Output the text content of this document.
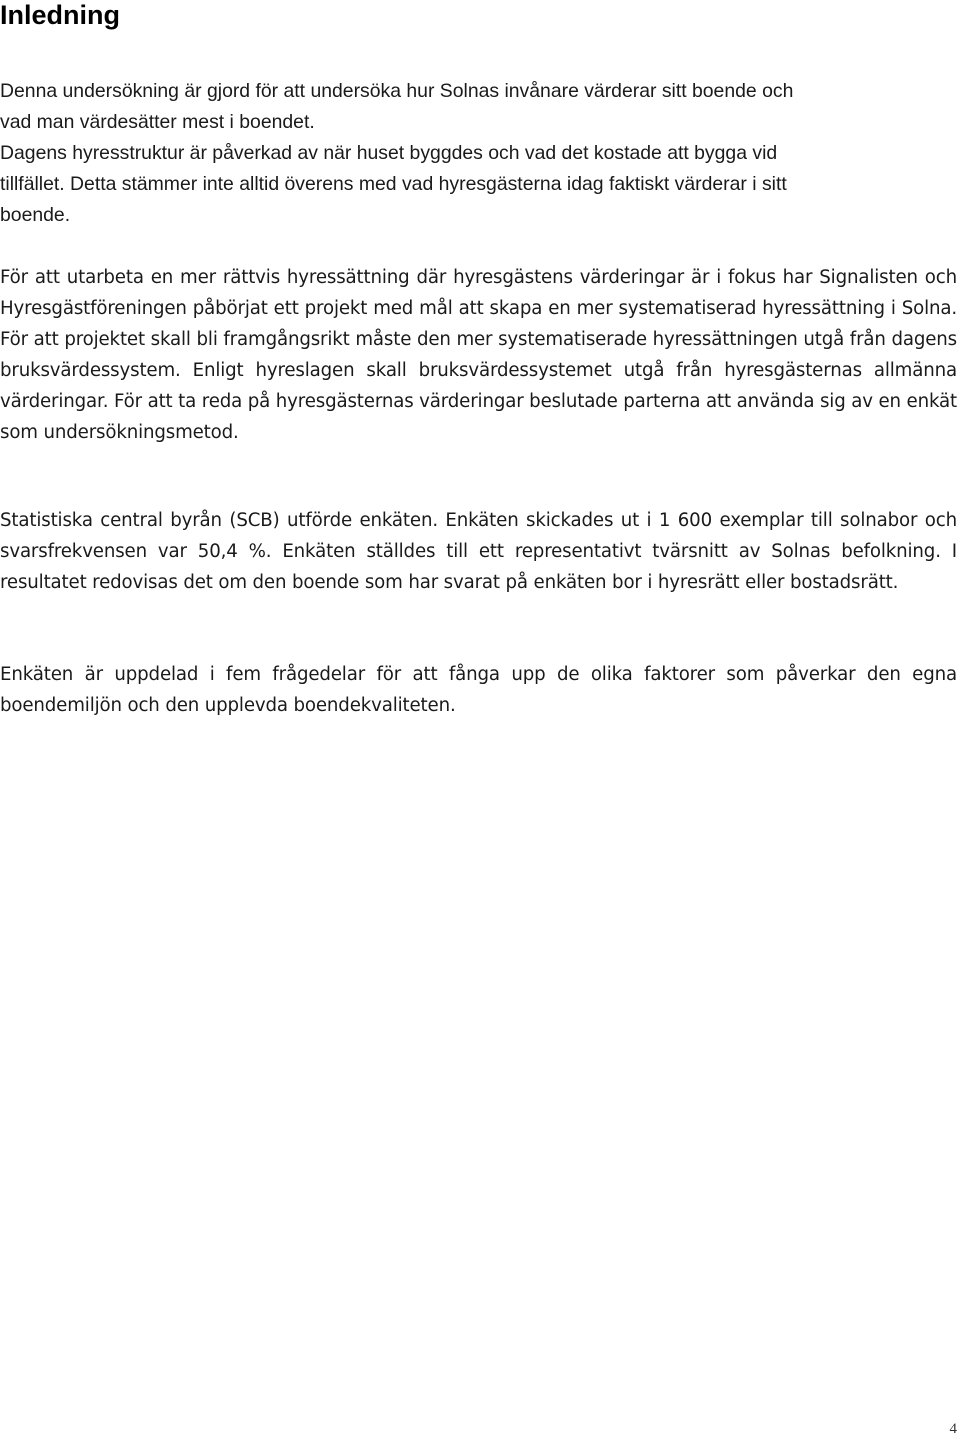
Inledning

Denna undersökning är gjord för att undersöka hur Solnas invånare värderar sitt boende och
vad man värdesätter mest i boendet.
Dagens hyresstruktur är påverkad av när huset byggdes och vad det kostade att bygga vid
tillfället. Detta stämmer inte alltid överens med vad hyresgästerna idag faktiskt värderar i sitt
boende.

För att utarbeta en mer rättvis hyressättning där hyresgästens värderingar är i fokus har Signalisten och Hyresgästföreningen påbörjat ett projekt med mål att skapa en mer systematiserad hyressättning i Solna. För att projektet skall bli framgångsrikt måste den mer systematiserade hyressättningen utgå från dagens bruksvärdessystem. Enligt hyreslagen skall bruksvärdessystemet utgå från hyresgästernas allmänna värderingar. För att ta reda på hyresgästernas värderingar beslutade parterna att använda sig av en enkät som undersökningsmetod.

Statistiska central byrån (SCB) utförde enkäten. Enkäten skickades ut i 1 600 exemplar till solnabor och svarsfrekvensen var 50,4 %. Enkäten ställdes till ett representativt tvärsnitt av Solnas befolkning. I resultatet redovisas det om den boende som har svarat på enkäten bor i hyresrätt eller bostadsrätt.

Enkäten är uppdelad i fem frågedelar för att fånga upp de olika faktorer som påverkar den egna boendemiljön och den upplevda boendekvaliteten.

4
